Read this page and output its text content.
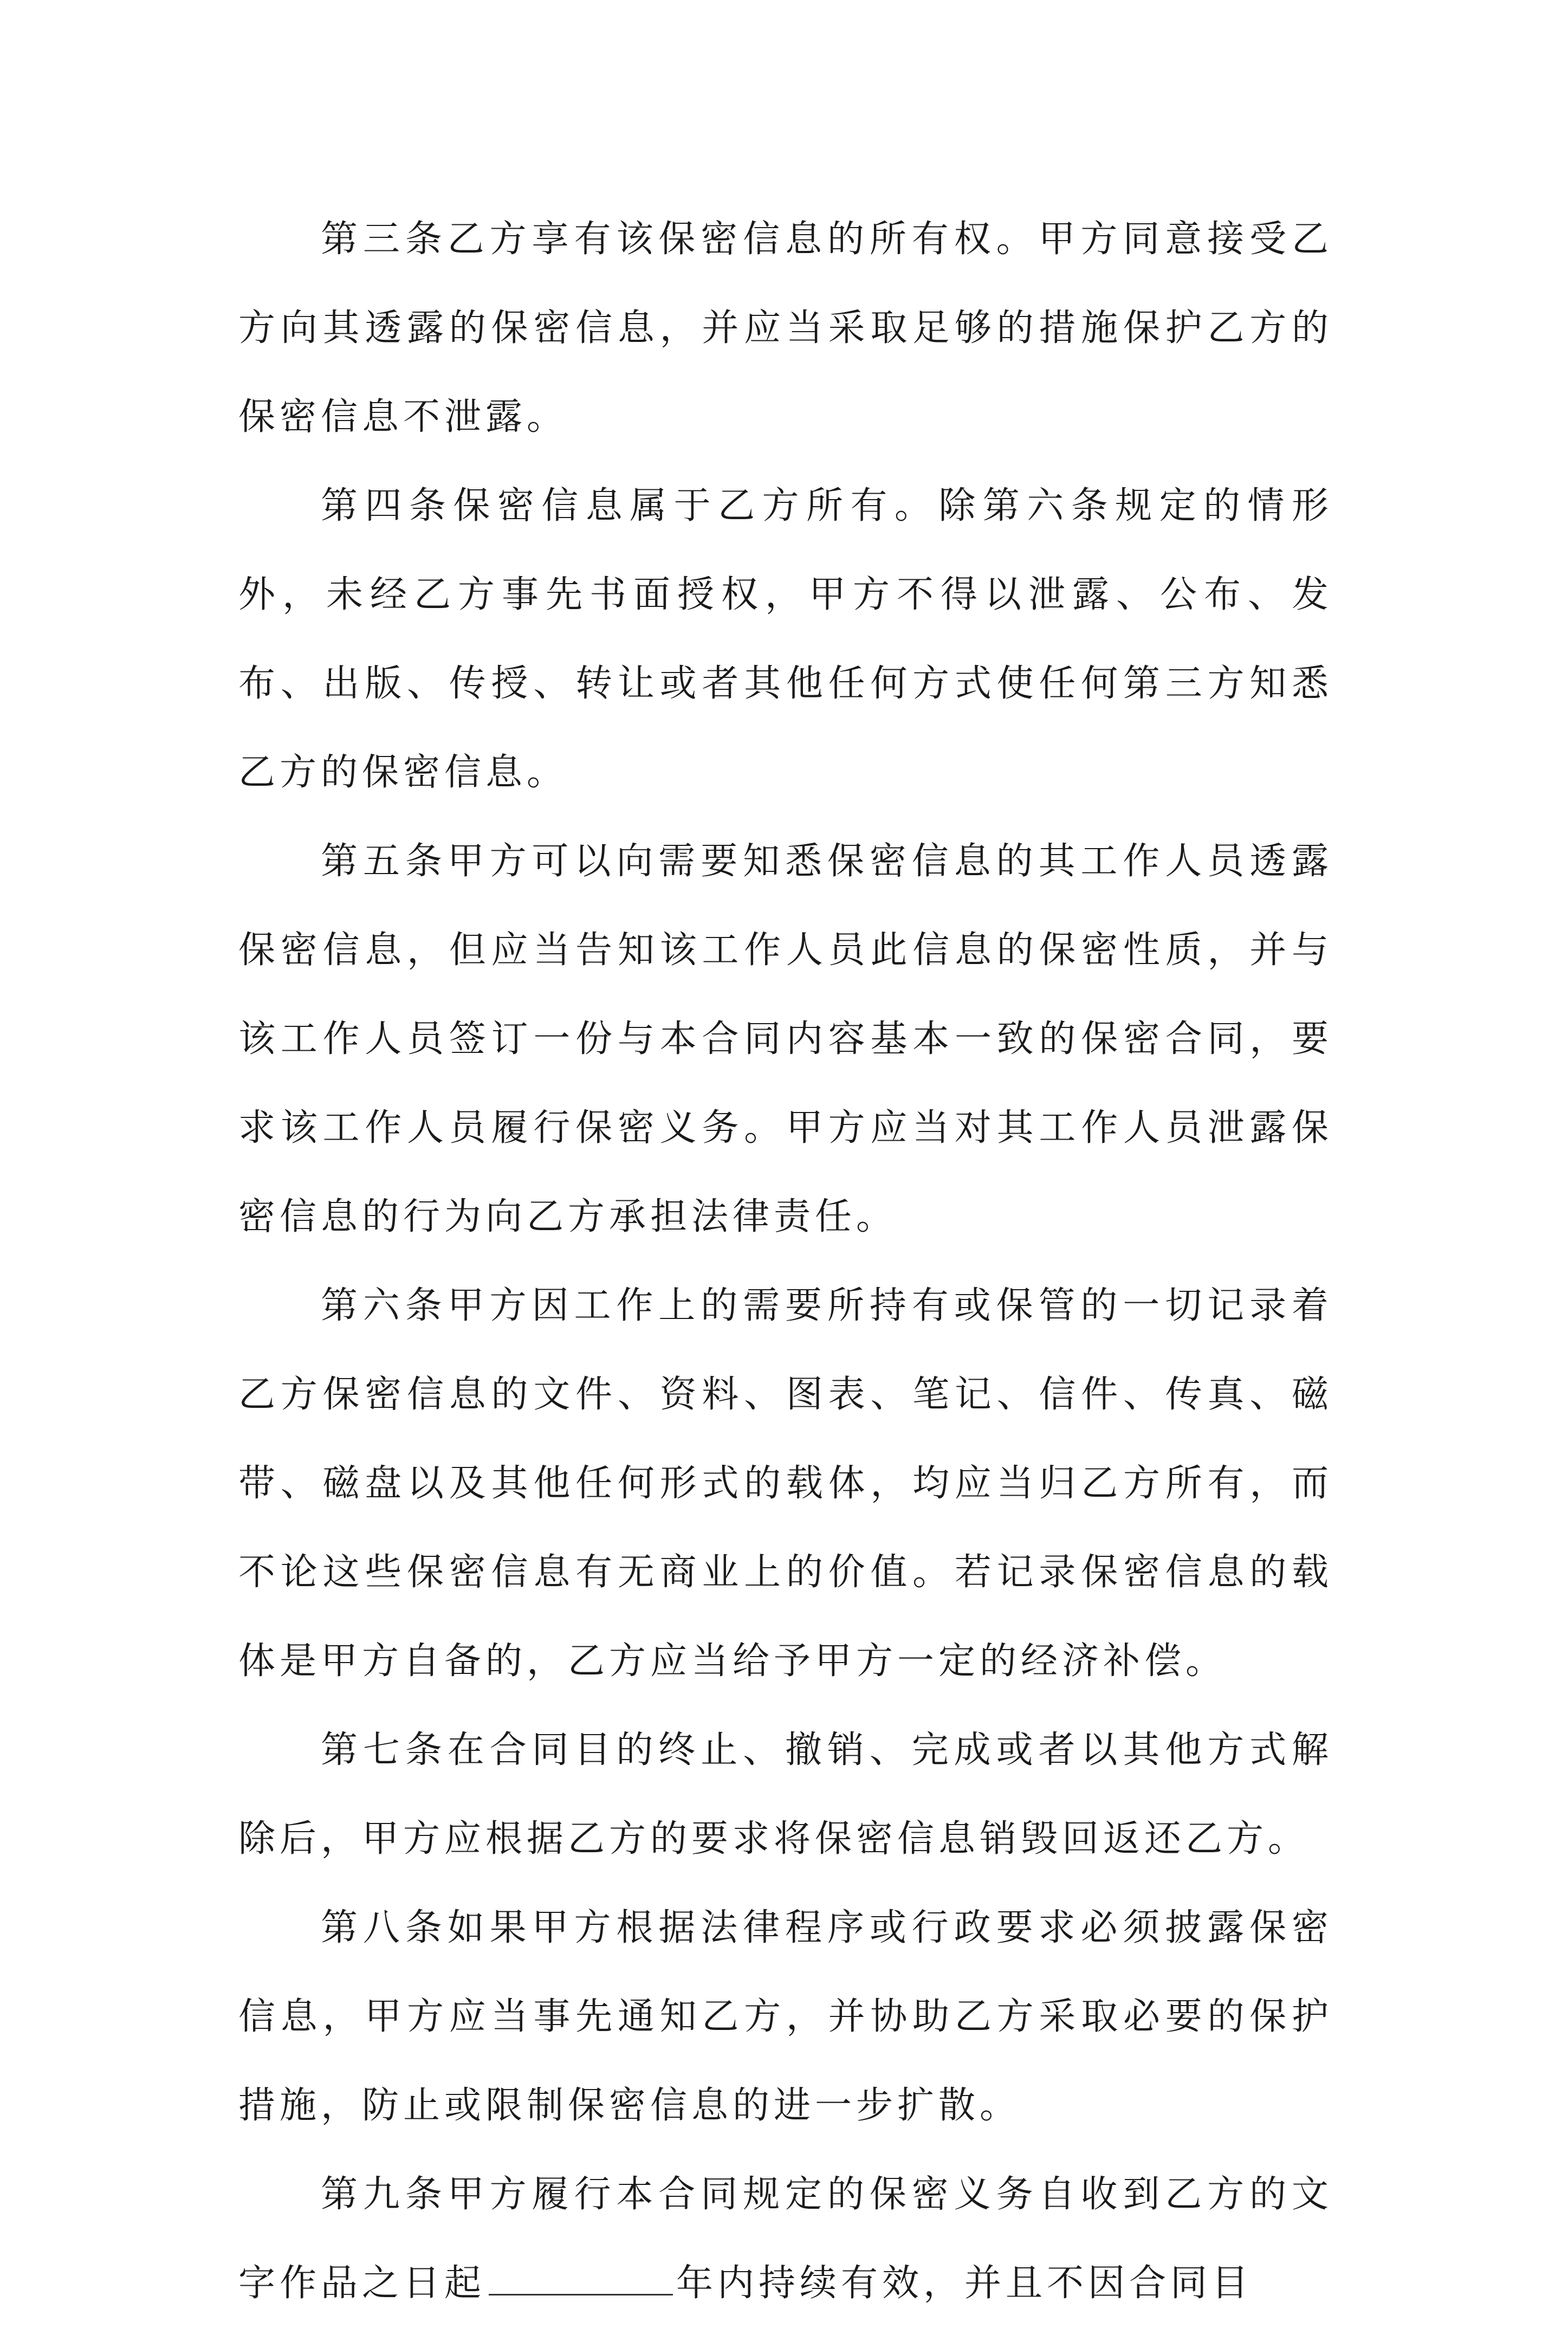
第三条乙方享有该保密信息的所有权。甲方同意接受乙方向其透露的保密信息，并应当采取足够的措施保护乙方的保密信息不泄露。

第四条保密信息属于乙方所有。除第六条规定的情形外，未经乙方事先书面授权，甲方不得以泄露、公布、发布、出版、传授、转让或者其他任何方式使任何第三方知悉乙方的保密信息。

第五条甲方可以向需要知悉保密信息的其工作人员透露保密信息，但应当告知该工作人员此信息的保密性质，并与该工作人员签订一份与本合同内容基本一致的保密合同，要求该工作人员履行保密义务。甲方应当对其工作人员泄露保密信息的行为向乙方承担法律责任。

第六条甲方因工作上的需要所持有或保管的一切记录着乙方保密信息的文件、资料、图表、笔记、信件、传真、磁带、磁盘以及其他任何形式的载体，均应当归乙方所有，而不论这些保密信息有无商业上的价值。若记录保密信息的载体是甲方自备的，乙方应当给予甲方一定的经济补偿。

第七条在合同目的终止、撤销、完成或者以其他方式解除后，甲方应根据乙方的要求将保密信息销毁回返还乙方。

第八条如果甲方根据法律程序或行政要求必须披露保密信息，甲方应当事先通知乙方，并协助乙方采取必要的保护措施，防止或限制保密信息的进一步扩散。

第九条甲方履行本合同规定的保密义务自收到乙方的文字作品之日起	年内持续有效，并且不因合同目
